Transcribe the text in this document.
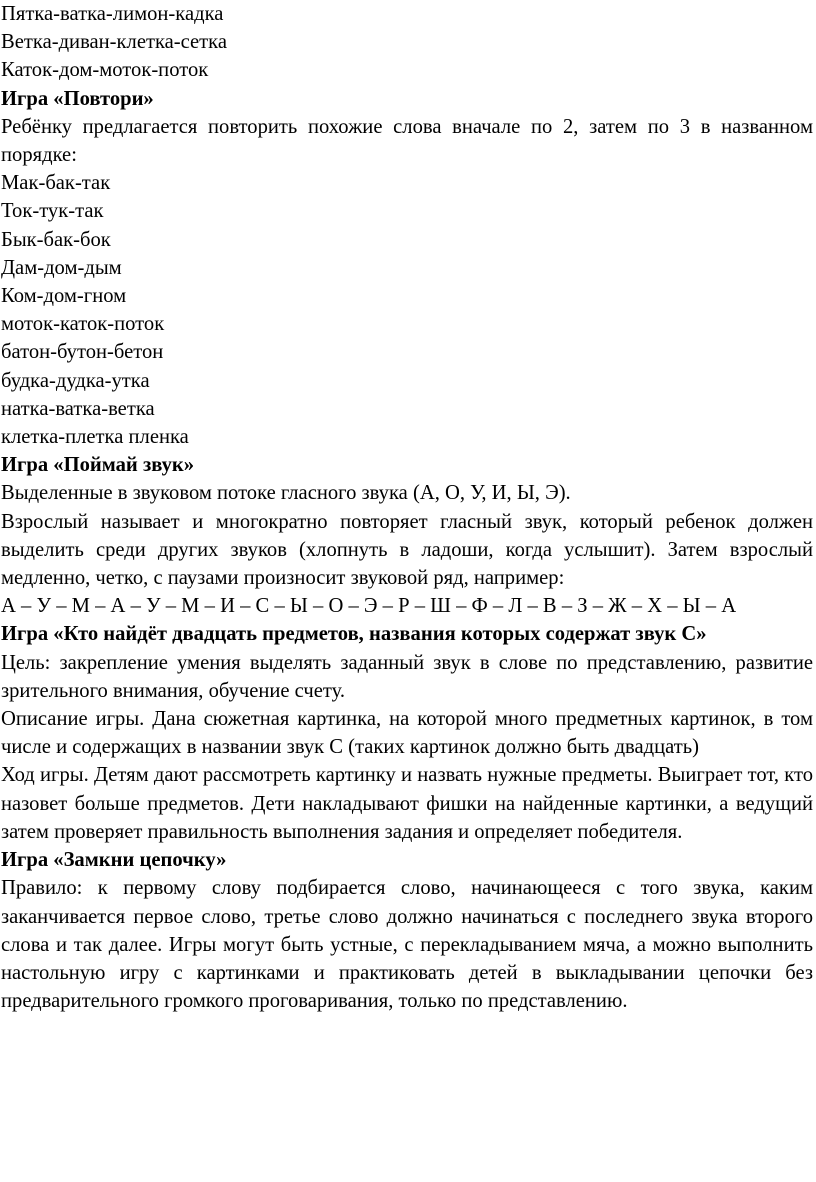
Пятка-ватка-лимон-кадка

Ветка-диван-клетка-сетка

Каток-дом-моток-поток

Игра «Повтори»

Ребёнку предлагается повторить похожие слова вначале по 2, затем по 3 в названном порядке:

Мак-бак-так

Ток-тук-так

Бык-бак-бок

Дам-дом-дым

Ком-дом-гном

моток-каток-поток

батон-бутон-бетон

будка-дудка-утка

натка-ватка-ветка

клетка-плетка пленка

Игра «Поймай звук»

Выделенные в звуковом потоке гласного звука (А, О, У, И, Ы, Э).

Взрослый называет и многократно повторяет гласный звук, который ребенок должен выделить среди других звуков (хлопнуть в ладоши, когда услышит). Затем взрослый медленно, четко, с паузами произносит звуковой ряд, например:

А – У – М – А – У – М – И – С – Ы – О – Э – Р – Ш – Ф – Л – В – З – Ж – Х – Ы – А

Игра «Кто найдёт двадцать предметов, названия которых содержат звук С»

Цель: закрепление умения выделять заданный звук в слове по представлению, развитие зрительного внимания, обучение счету.

Описание игры. Дана сюжетная картинка, на которой много предметных картинок, в том числе и содержащих в названии звук С (таких картинок должно быть двадцать)

Ход игры. Детям дают рассмотреть картинку и назвать нужные предметы. Выиграет тот, кто назовет больше предметов. Дети накладывают фишки на найденные картинки, а ведущий затем проверяет правильность выполнения задания и определяет победителя.

Игра «Замкни цепочку»

Правило: к первому слову подбирается слово, начинающееся с того звука, каким заканчивается первое слово, третье слово должно начинаться с последнего звука второго слова и так далее. Игры могут быть устные, с перекладыванием мяча, а можно выполнить настольную игру с картинками и практиковать детей в выкладывании цепочки без предварительного громкого проговаривания, только по представлению.
